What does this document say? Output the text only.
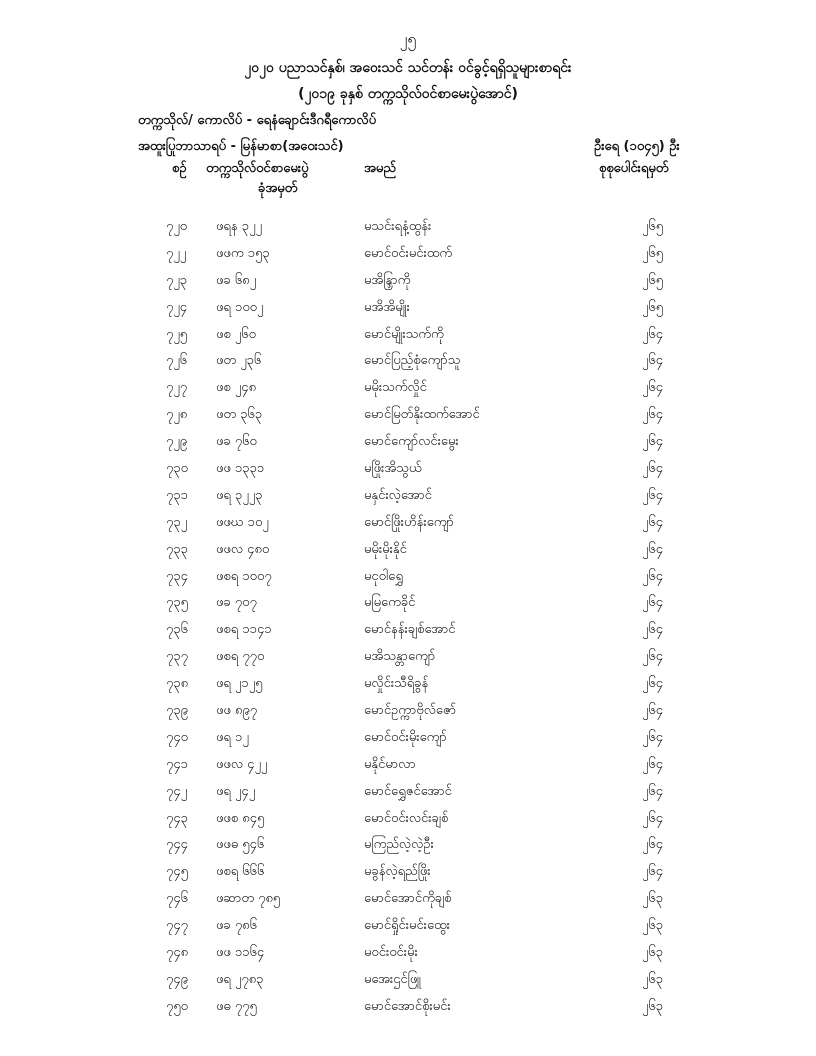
၂၅
၂၀၂၀ ပညာသင်နှစ်၊ အဝေးသင် သင်တန်း ဝင်ခွင့်ရရှိသူများစာရင်း
(၂၀၁၉ ခုနှစ် တက္ကသိုလ်ဝင်စာမေးပွဲအောင်)
တက္ကသိုလ်/ ကောလိပ် - ရေနံချောင်းဒီဂရီကောလိပ်
အထူးပြုဘာသာရပ် - မြန်မာစာ(အဝေးသင်)	ဦးရေ (၁၀၄၅) ဦး
စဉ် တက္ကသိုလ်ဝင်စာမေးပွဲ
ခုံအမှတ်
အမည်	စုစုပေါင်းရမှတ်
၇၂၀ ဖရန ၃၂၂	မသင်းရနံ့ထွန်း	၂၆၅
၇၂၂ ဖဖက ၁၅၃	မောင်ဝင်းမင်းထက်	၂၆၅
၇၂၃ ဖခ ၆၈၂	မအိန္ဒြာကို	၂၆၅
၇၂၄ ဖရ ၁၀၀၂	မအိအိမျိုး	၂၆၅
၇၂၅ ဖစ ၂၆၀	မောင်မျိုးသက်ကို	၂၆၄
၇၂၆ ဖတ ၂၃၆	မောင်ပြည့်စုံကျော်သူ	၂၆၄
၇၂၇ ဖစ ၂၄၈	မမိုးသက်လှိုင်	၂၆၄
၇၂၈ ဖတ ၃၆၃	မောင်မြတ်နိုးထက်အောင်	၂၆၄
၇၂၉ ဖခ ၇၆၀	မောင်ကျော်လင်းမွေး	၂၆၄
၇၃၀ ဖဖ ၁၃၃၁	မဖြိုးအိသွယ်	၂၆၄
၇၃၁ ဖရ ၃၂၂၃	မနှင်းလဲ့အောင်	၂၆၄
၇၃၂ ဖဖဃ ၁၀၂	မောင်ဖြိုးဟိန်းကျော်	၂၆၄
၇၃၃ ဖဖလ ၄၈၀	မမိုးမိုးနိုင်	၂၆၄
၇၃၄ ဖစရ ၁၀၀၇	မငုဝါရွှေ	၂၆၄
၇၃၅ ဖခ ၇၀၇	မမြကေခိုင်	၂၆၄
၇၃၆ ဖစရ ၁၁၄၁	မောင်နန်းချစ်အောင်	၂၆၄
၇၃၇ ဖစရ ၇၇၀	မအိသန္တာကျော်	၂၆၄
၇၃၈ ဖရ ၂၁၂၅	မလှိုင်းသီရိခွန်	၂၆၄
၇၃၉ ဖဖ ၈၉၇	မောင်ဥက္ကာဗိုလ်ဇော်	၂၆၄
၇၄၀ ဖရ ၁၂	မောင်ဝင်းမိုးကျော်	၂၆၄
၇၄၁ ဖဖလ ၄၂၂	မနိုင်မာလာ	၂၆၄
၇၄၂ ဖရ ၂၄၂	မောင်ရွှေဇင်အောင်	၂၆၄
၇၄၃ ဖဖစ ၈၄၅	မောင်ဝင်းလင်းချစ်	၂၆၄
၇၄၄ ဖဖဓ ၅၄၆	မကြည်လဲ့လဲ့ဦး	၂၆၄
၇၄၅ ဖစရ ၆၆၆	မခွန်လဲ့ရည်ဖြိုး	၂၆၄
၇၄၆ ဖဆာတ ၇၈၅	မောင်အောင်ကိုချစ်	၂၆၃
၇၄၇ ဖခ ၇၈၆	မောင်ရှိုင်းမင်းထွေး	၂၆၃
၇၄၈ ဖဖ ၁၁၆၄	မဝင်းဝင်းမိုး	၂၆၃
၇၄၉ ဖရ ၂၇၈၃	မအေးဌင်ဖြူ	၂၆၃
၇၅၀ ဖဓ ၇၇၅	မောင်အောင်စိုးမင်း	၂၆၃
